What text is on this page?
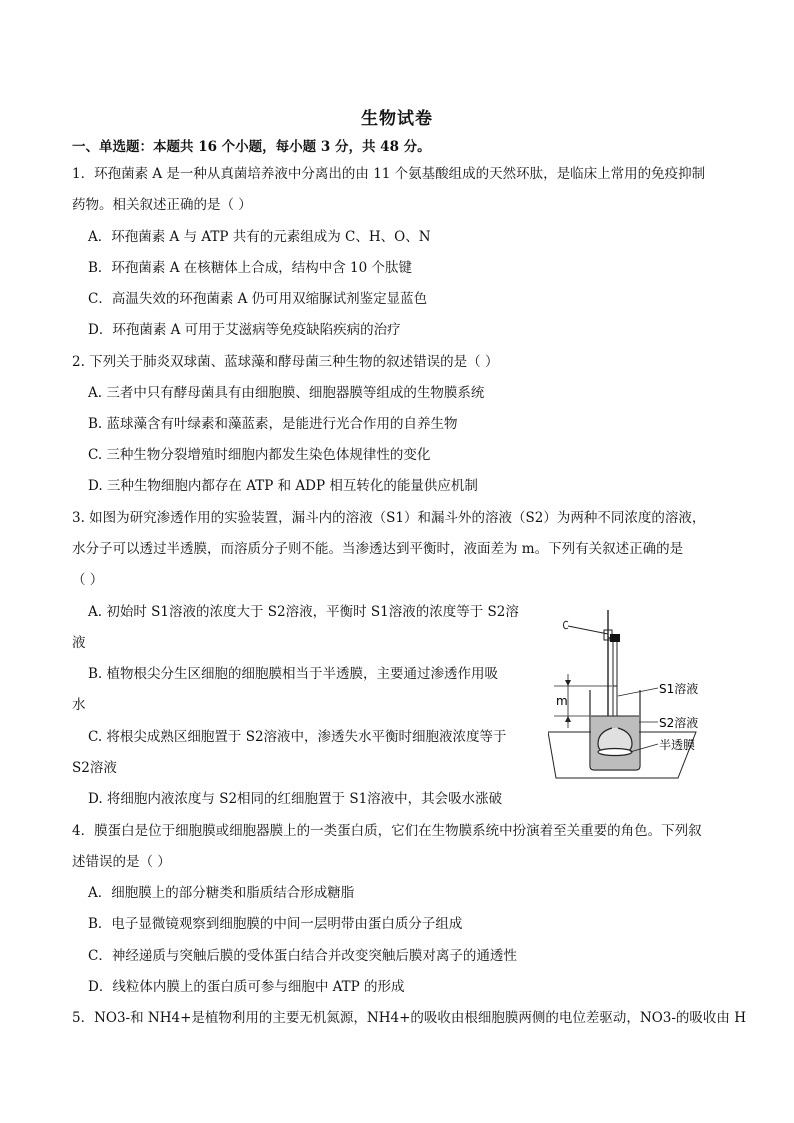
生物试卷
一、单选题：本题共 16 个小题，每小题 3 分，共 48 分。
1．环孢菌素 A 是一种从真菌培养液中分离出的由 11 个氨基酸组成的天然环肽，是临床上常用的免疫抑制
药物。相关叙述正确的是（ ）
A．环孢菌素 A 与 ATP 共有的元素组成为 C、H、O、N
B．环孢菌素 A 在核糖体上合成，结构中含 10 个肽键
C．高温失效的环孢菌素 A 仍可用双缩脲试剂鉴定显蓝色
D．环孢菌素 A 可用于艾滋病等免疫缺陷疾病的治疗
2. 下列关于肺炎双球菌、蓝球藻和酵母菌三种生物的叙述错误的是（ ）
A. 三者中只有酵母菌具有由细胞膜、细胞器膜等组成的生物膜系统
B. 蓝球藻含有叶绿素和藻蓝素，是能进行光合作用的自养生物
C. 三种生物分裂增殖时细胞内都发生染色体规律性的变化
D. 三种生物细胞内都存在 ATP 和 ADP 相互转化的能量供应机制
3. 如图为研究渗透作用的实验装置，漏斗内的溶液（S1）和漏斗外的溶液（S2）为两种不同浓度的溶液，
水分子可以透过半透膜，而溶质分子则不能。当渗透达到平衡时，液面差为 m。下列有关叙述正确的是
（ ）
A. 初始时 S1溶液的浓度大于 S2溶液，平衡时 S1溶液的浓度等于 S2溶
液
B. 植物根尖分生区细胞的细胞膜相当于半透膜，主要通过渗透作用吸
水
C. 将根尖成熟区细胞置于 S2溶液中，渗透失水平衡时细胞液浓度等于
S2溶液
D. 将细胞内液浓度与 S2相同的红细胞置于 S1溶液中，其会吸水涨破
m
S1溶液
S2溶液
半透膜
4．膜蛋白是位于细胞膜或细胞器膜上的一类蛋白质，它们在生物膜系统中扮演着至关重要的角色。下列叙
述错误的是（ ）
A．细胞膜上的部分糖类和脂质结合形成糖脂
B．电子显微镜观察到细胞膜的中间一层明带由蛋白质分子组成
C．神经递质与突触后膜的受体蛋白结合并改变突触后膜对离子的通透性
D．线粒体内膜上的蛋白质可参与细胞中 ATP 的形成
5．NO3-和 NH4+是植物利用的主要无机氮源，NH4+的吸收由根细胞膜两侧的电位差驱动，NO3-的吸收由 H
